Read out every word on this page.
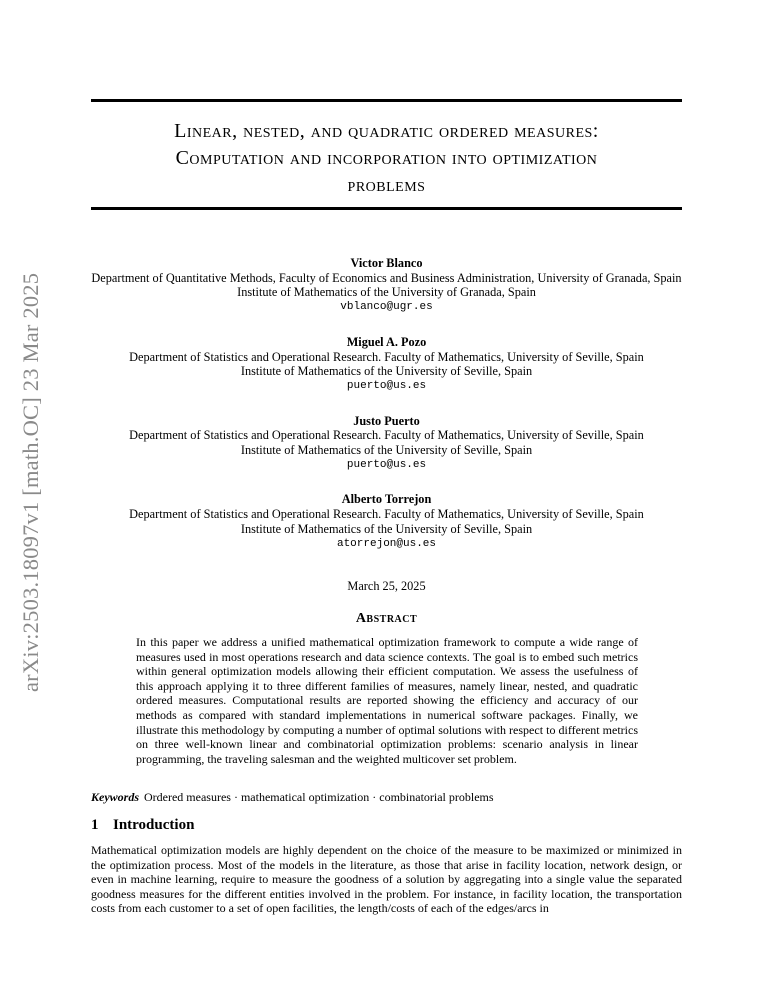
arXiv:2503.18097v1 [math.OC] 23 Mar 2025
Linear, nested, and quadratic ordered measures:
Computation and incorporation into optimization
problems
Victor Blanco
Department of Quantitative Methods, Faculty of Economics and Business Administration, University of Granada, Spain
Institute of Mathematics of the University of Granada, Spain
vblanco@ugr.es
Miguel A. Pozo
Department of Statistics and Operational Research. Faculty of Mathematics, University of Seville, Spain
Institute of Mathematics of the University of Seville, Spain
puerto@us.es
Justo Puerto
Department of Statistics and Operational Research. Faculty of Mathematics, University of Seville, Spain
Institute of Mathematics of the University of Seville, Spain
puerto@us.es
Alberto Torrejon
Department of Statistics and Operational Research. Faculty of Mathematics, University of Seville, Spain
Institute of Mathematics of the University of Seville, Spain
atorrejon@us.es
March 25, 2025
Abstract
In this paper we address a unified mathematical optimization framework to compute a wide range of measures used in most operations research and data science contexts. The goal is to embed such metrics within general optimization models allowing their efficient computation. We assess the usefulness of this approach applying it to three different families of measures, namely linear, nested, and quadratic ordered measures. Computational results are reported showing the efficiency and accuracy of our methods as compared with standard implementations in numerical software packages. Finally, we illustrate this methodology by computing a number of optimal solutions with respect to different metrics on three well-known linear and combinatorial optimization problems: scenario analysis in linear programming, the traveling salesman and the weighted multicover set problem.
Keywords Ordered measures · mathematical optimization · combinatorial problems
1 Introduction
Mathematical optimization models are highly dependent on the choice of the measure to be maximized or minimized in the optimization process. Most of the models in the literature, as those that arise in facility location, network design, or even in machine learning, require to measure the goodness of a solution by aggregating into a single value the separated goodness measures for the different entities involved in the problem. For instance, in facility location, the transportation costs from each customer to a set of open facilities, the length/costs of each of the edges/arcs in
